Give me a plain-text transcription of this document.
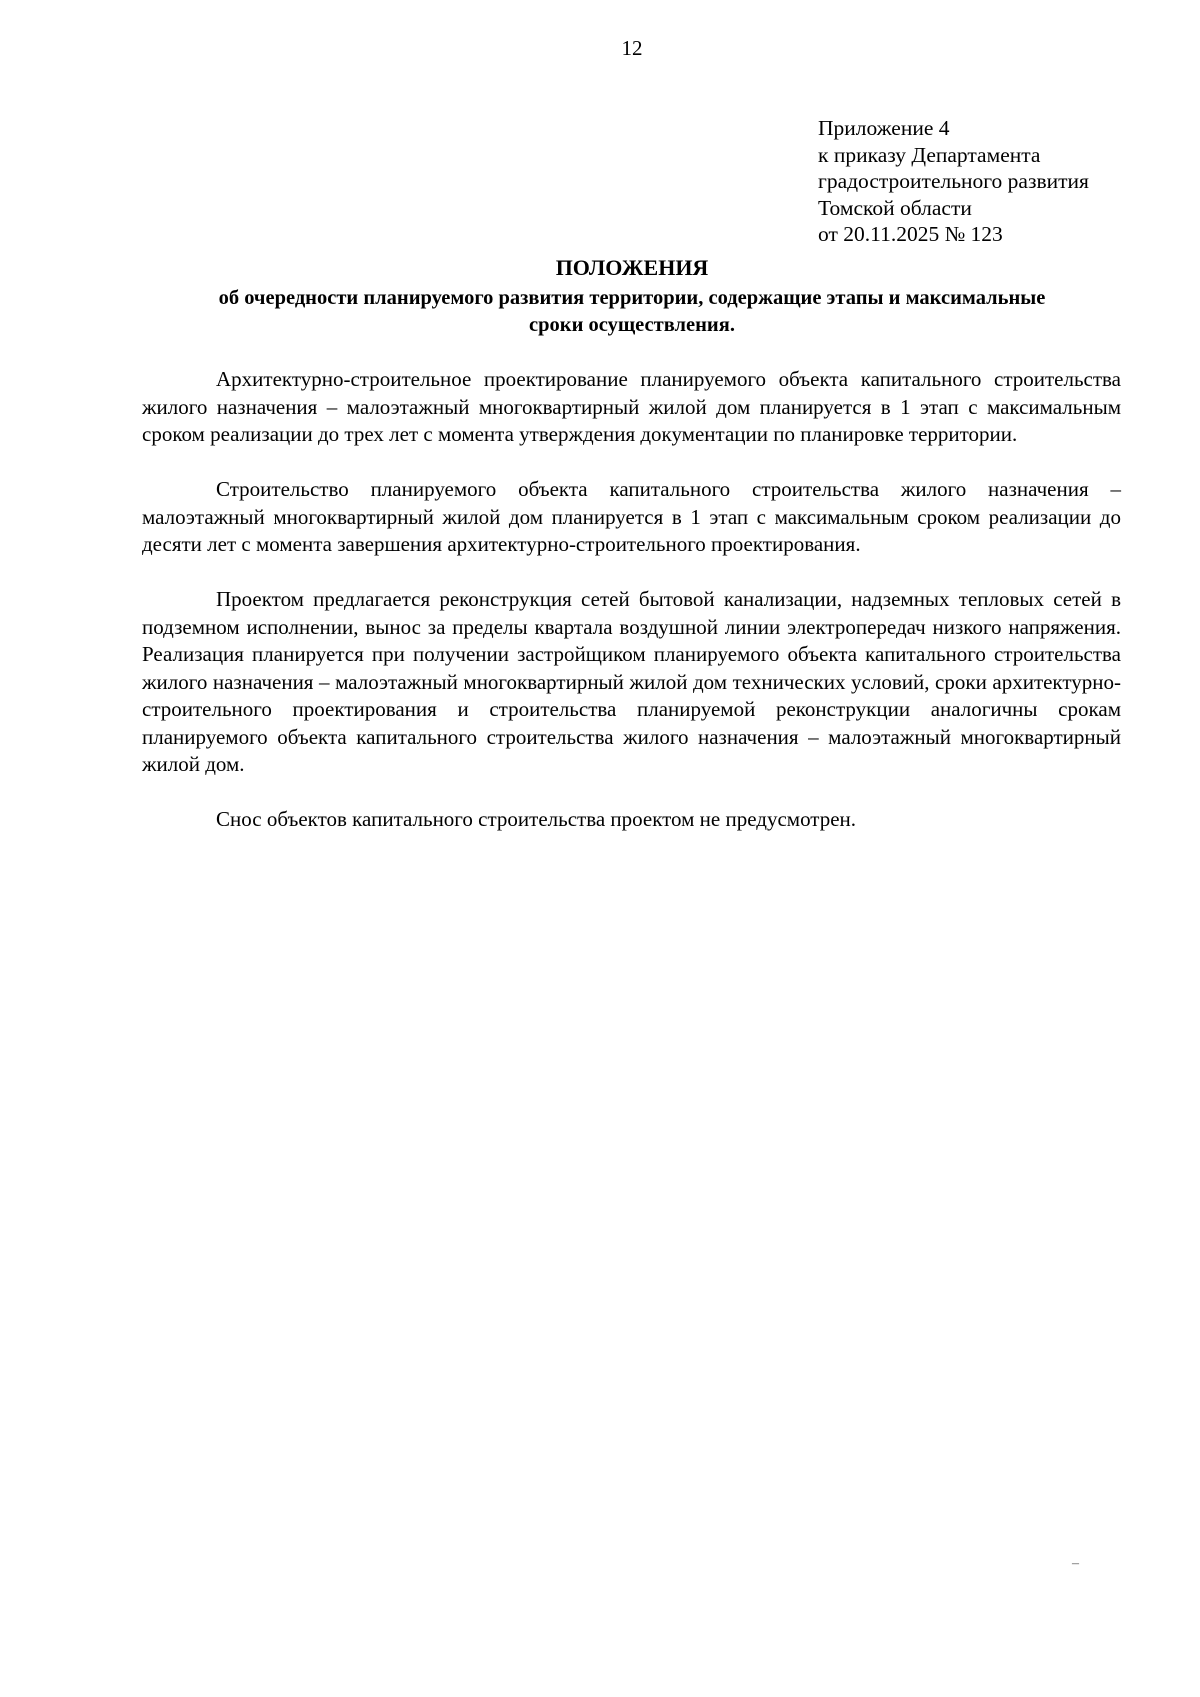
12
Приложение 4
к приказу Департамента
градостроительного развития
Томской области
от 20.11.2025 № 123
ПОЛОЖЕНИЯ
об очередности планируемого развития территории, содержащие этапы и максимальные сроки осуществления.

Архитектурно-строительное проектирование планируемого объекта капитального строительства жилого назначения – малоэтажный многоквартирный жилой дом планируется в 1 этап с максимальным сроком реализации до трех лет с момента утверждения документации по планировке территории.

Строительство планируемого объекта капитального строительства жилого назначения – малоэтажный многоквартирный жилой дом планируется в 1 этап с максимальным сроком реализации до десяти лет с момента завершения архитектурно-строительного проектирования.

Проектом предлагается реконструкция сетей бытовой канализации, надземных тепловых сетей в подземном исполнении, вынос за пределы квартала воздушной линии электропередач низкого напряжения. Реализация планируется при получении застройщиком планируемого объекта капитального строительства жилого назначения – малоэтажный многоквартирный жилой дом технических условий, сроки архитектурно-строительного проектирования и строительства планируемой реконструкции аналогичны срокам планируемого объекта капитального строительства жилого назначения – малоэтажный многоквартирный жилой дом.

Снос объектов капитального строительства проектом не предусмотрен.

–
